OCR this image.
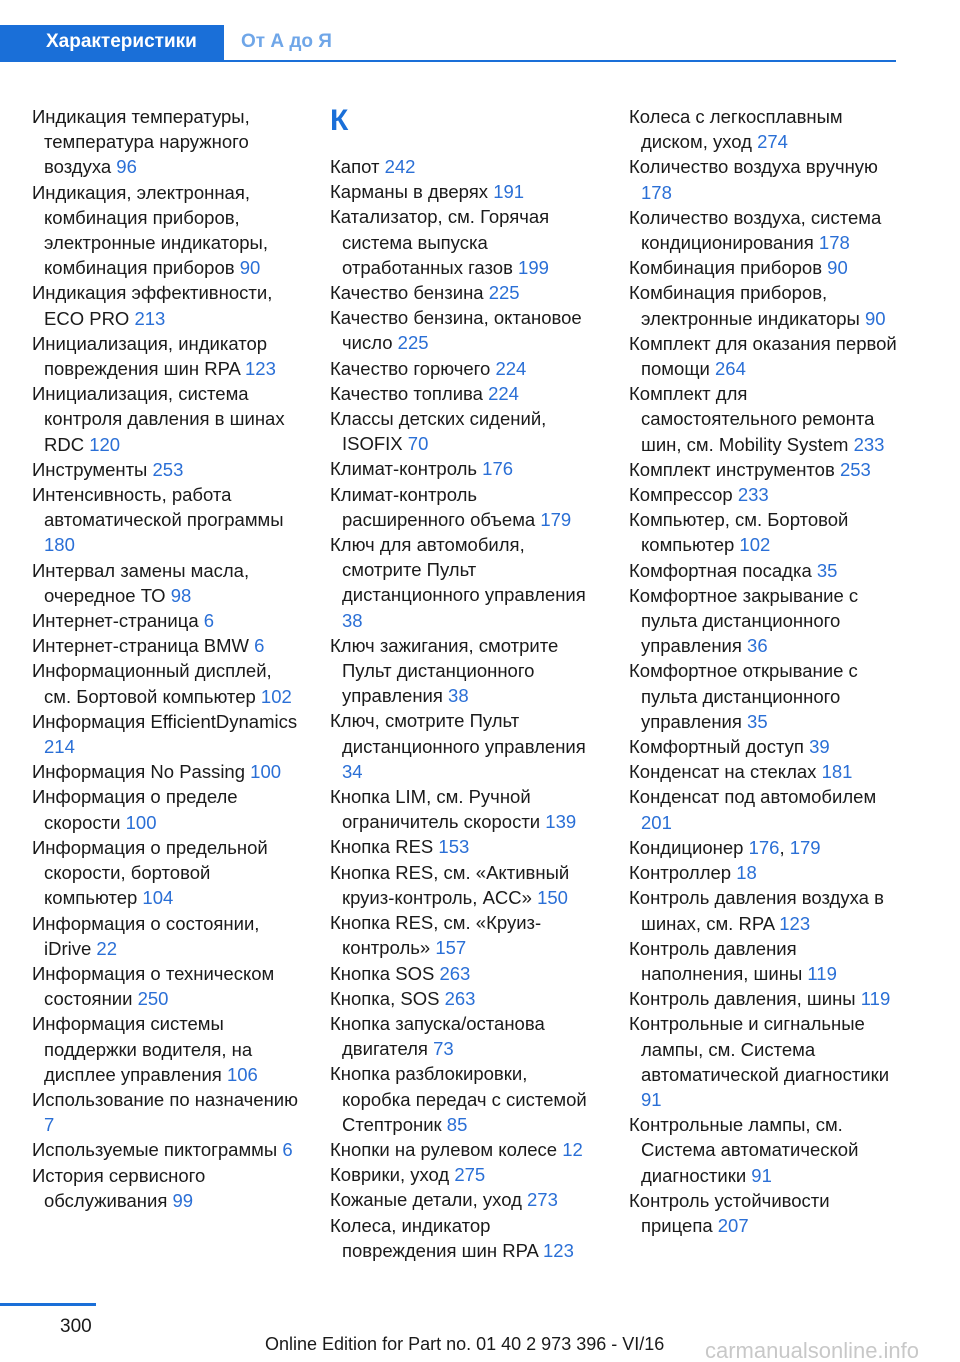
Характеристики	От А до Я
Индикация температуры, температура наружного воздуха 96
Индикация, электронная, комбинация приборов, электронные индикаторы, комбинация приборов 90
Индикация эффективности, ECO PRO 213
Инициализация, индикатор повреждения шин RPA 123
Инициализация, система контроля давления в шинах RDC 120
Инструменты 253
Интенсивность, работа автоматической программы 180
Интервал замены масла, очередное ТО 98
Интернет-страница 6
Интернет-страница BMW 6
Информационный дисплей, см. Бортовой компьютер 102
Информация EfficientDynamics 214
Информация No Passing 100
Информация о пределе скорости 100
Информация о предельной скорости, бортовой компьютер 104
Информация о состоянии, iDrive 22
Информация о техническом состоянии 250
Информация системы поддержки водителя, на дисплее управления 106
Использование по назначению 7
Используемые пиктограммы 6
История сервисного обслуживания 99
К
Капот 242
Карманы в дверях 191
Катализатор, см. Горячая система выпуска отработанных газов 199
Качество бензина 225
Качество бензина, октановое число 225
Качество горючего 224
Качество топлива 224
Классы детских сидений, ISOFIX 70
Климат-контроль 176
Климат-контроль расширенного объема 179
Ключ для автомобиля, смотрите Пульт дистанционного управления 38
Ключ зажигания, смотрите Пульт дистанционного управления 38
Ключ, смотрите Пульт дистанционного управления 34
Кнопка LIM, см. Ручной ограничитель скорости 139
Кнопка RES 153
Кнопка RES, см. «Активный круиз-контроль, ACC» 150
Кнопка RES, см. «Круиз-контроль» 157
Кнопка SOS 263
Кнопка, SOS 263
Кнопка запуска/останова двигателя 73
Кнопка разблокировки, коробка передач с системой Стептроник 85
Кнопки на рулевом колесе 12
Коврики, уход 275
Кожаные детали, уход 273
Колеса, индикатор повреждения шин RPA 123
Колеса с легкосплавным диском, уход 274
Количество воздуха вручную 178
Количество воздуха, система кондиционирования 178
Комбинация приборов 90
Комбинация приборов, электронные индикаторы 90
Комплект для оказания первой помощи 264
Комплект для самостоятельного ремонта шин, см. Mobility System 233
Комплект инструментов 253
Компрессор 233
Компьютер, см. Бортовой компьютер 102
Комфортная посадка 35
Комфортное закрывание с пульта дистанционного управления 36
Комфортное открывание с пульта дистанционного управления 35
Комфортный доступ 39
Конденсат на стеклах 181
Конденсат под автомобилем 201
Кондиционер 176, 179
Контроллер 18
Контроль давления воздуха в шинах, см. RPA 123
Контроль давления наполнения, шины 119
Контроль давления, шины 119
Контрольные и сигнальные лампы, см. Система автоматической диагностики 91
Контрольные лампы, см. Система автоматической диагностики 91
Контроль устойчивости прицепа 207
300
Online Edition for Part no. 01 40 2 973 396 - VI/16 carmanualsonline.info
